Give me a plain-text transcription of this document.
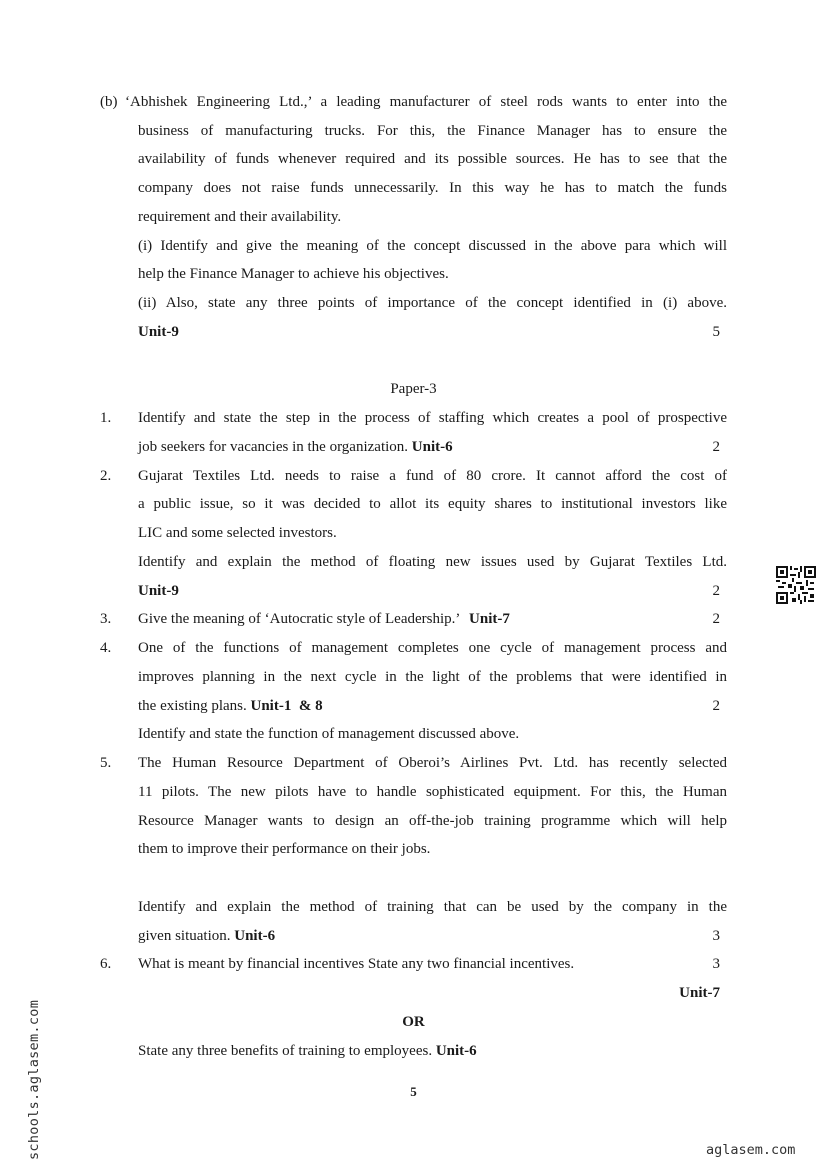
(b) ‘Abhishek Engineering Ltd.,’ a leading manufacturer of steel rods wants to enter into the
business of manufacturing trucks. For this, the Finance Manager has to ensure the
availability of funds whenever required and its possible sources. He has to see that the
company does not raise funds unnecessarily. In this way he has to match the funds
requirement and their availability.
(i) Identify and give the meaning of the concept discussed in the above para which will
help the Finance Manager to achieve his objectives.
(ii) Also, state any three points of importance of the concept identified in (i) above.
Unit-9	5
Paper-3
1. Identify and state the step in the process of staffing which creates a pool of prospective
job seekers for vacancies in the organization. Unit-6	2
2. Gujarat Textiles Ltd. needs to raise a fund of 80 crore. It cannot afford the cost of
a public issue, so it was decided to allot its equity shares to institutional investors like
LIC and some selected investors.
Identify and explain the method of floating new issues used by Gujarat Textiles Ltd.
Unit-9	2
3. Give the meaning of ‘Autocratic style of Leadership.’ Unit-7	2
4. One of the functions of management completes one cycle of management process and
improves planning in the next cycle in the light of the problems that were identified in
the existing plans. Unit-1  & 8	2
Identify and state the function of management discussed above.
5. The Human Resource Department of Oberoi’s Airlines Pvt. Ltd. has recently selected
11 pilots. The new pilots have to handle sophisticated equipment. For this, the Human
Resource Manager wants to design an off-the-job training programme which will help
them to improve their performance on their jobs.
Identify and explain the method of training that can be used by the company in the
given situation. Unit-6	3
6. What is meant by financial incentives State any two financial incentives.	3
Unit-7
OR
State any three benefits of training to employees. Unit-6
5
schools.aglasem.com	aglasem.com
